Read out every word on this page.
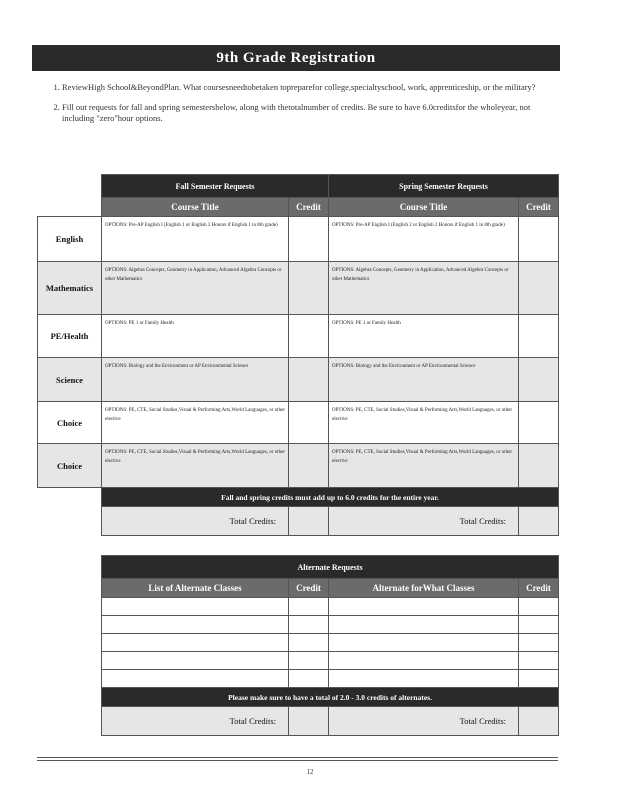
9th Grade Registration
1. ReviewHigh School&BeyondPlan. What coursesneedtobetaken topreparefor college,specialtyschool, work, apprenticeship, or the military?
2. Fill out requests for fall and spring semestersbelow, along with thetotalnumber of credits. Be sure to have 6.0creditsfor the wholeyear, not including "zero"hour options.
	Fall Semester Requests		Spring Semester Requests	
	Course Title	Credit	Course Title	Credit
English	OPTIONS: Pre-AP English I (English 1 or English 2 Honors if English 1 in 8th grade)		OPTIONS: Pre-AP English I (English 2 or English 2 Honors if English 1 in 8th grade)	
Mathematics	OPTIONS: Algebra Concepts, Geometry in Application, Advanced Algebra Concepts or other Mathematics		OPTIONS: Algebra Concepts, Geometry in Application, Advanced Algebra Concepts or other Mathematics	
PE/Health	OPTIONS: PE 1 or Family Health		OPTIONS: PE 1 or Family Health	
Science	OPTIONS: Biology and the Environment or AP Environmental Science		OPTIONS: Biology and the Environment or AP Environmental Science	
Choice	OPTIONS: PE, CTE, Social Studies,Visual & Performing Arts,World Languages, or other elective		OPTIONS: PE, CTE, Social Studies,Visual & Performing Arts,World Languages, or other elective	
Choice	OPTIONS: PE, CTE, Social Studies,Visual & Performing Arts,World Languages, or other elective		OPTIONS: PE, CTE, Social Studies,Visual & Performing Arts,World Languages, or other elective	
	Fall and spring credits must add up to 6.0 credits for the entire year.			
	Total Credits:		Total Credits:	
Alternate Requests			
List of Alternate Classes	Credit	Alternate forWhat Classes	Credit

Please make sure to have a total of 2.0 - 3.0 credits of alternates.			
Total Credits:		Total Credits:	
12
